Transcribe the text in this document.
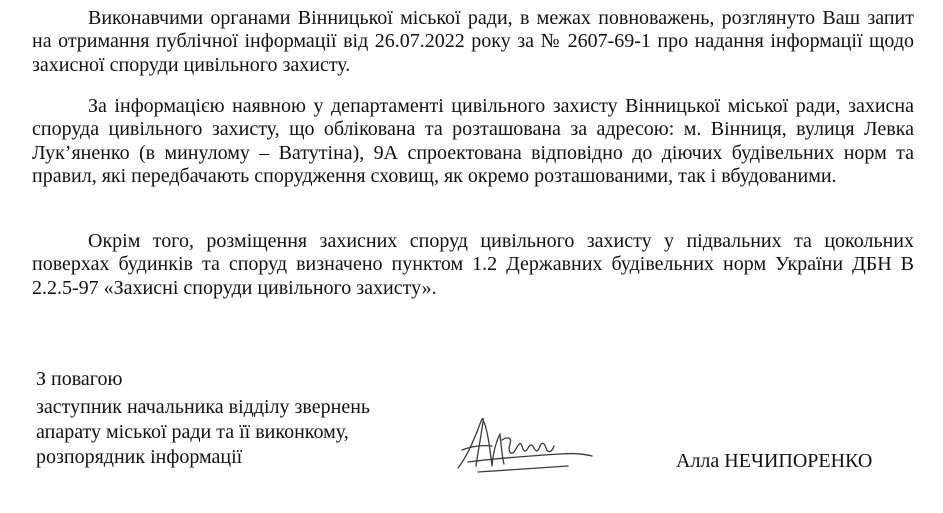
Виконавчими органами Вінницької міської ради, в межах повноважень, розглянуто Ваш запит на отримання публічної інформації від 26.07.2022 року за № 2607-69-1 про надання інформації щодо захисної споруди цивільного захисту.

За інформацією наявною у департаменті цивільного захисту Вінницької міської ради, захисна споруда цивільного захисту, що облікована та розташована за адресою: м. Вінниця, вулиця Левка Лук’яненко (в минулому – Ватутіна), 9А спроектована відповідно до діючих будівельних норм та правил, які передбачають спорудження сховищ, як окремо розташованими, так і вбудованими.

Окрім того, розміщення захисних споруд цивільного захисту у підвальних та цокольних поверхах будинків та споруд визначено пунктом 1.2 Державних будівельних норм України ДБН В 2.2.5-97 «Захисні споруди цивільного захисту».

З повагою

заступник начальника відділу звернень

апарату міської ради та її виконкому,

розпорядник інформації	Алла НЕЧИПОРЕНКО
